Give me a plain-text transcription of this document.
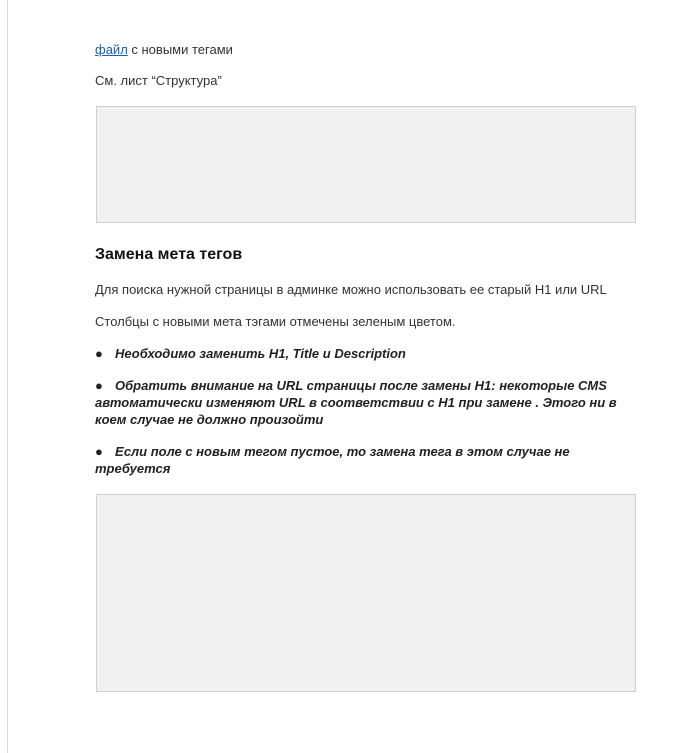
файл с новыми тегами
См. лист “Структура”
Замена мета тегов
Для поиска нужной страницы в админке можно использовать ее старый H1 или URL
Столбцы с новыми мета тэгами отмечены зеленым цветом.
● Необходимо заменить H1, Title и Description
● Обратить внимание на URL страницы после замены H1: некоторые CMS автоматически изменяют URL в соответствии с H1 при замене . Этого ни в коем случае не должно произойти
● Если поле с новым тегом пустое, то замена тега в этом случае не требуется
